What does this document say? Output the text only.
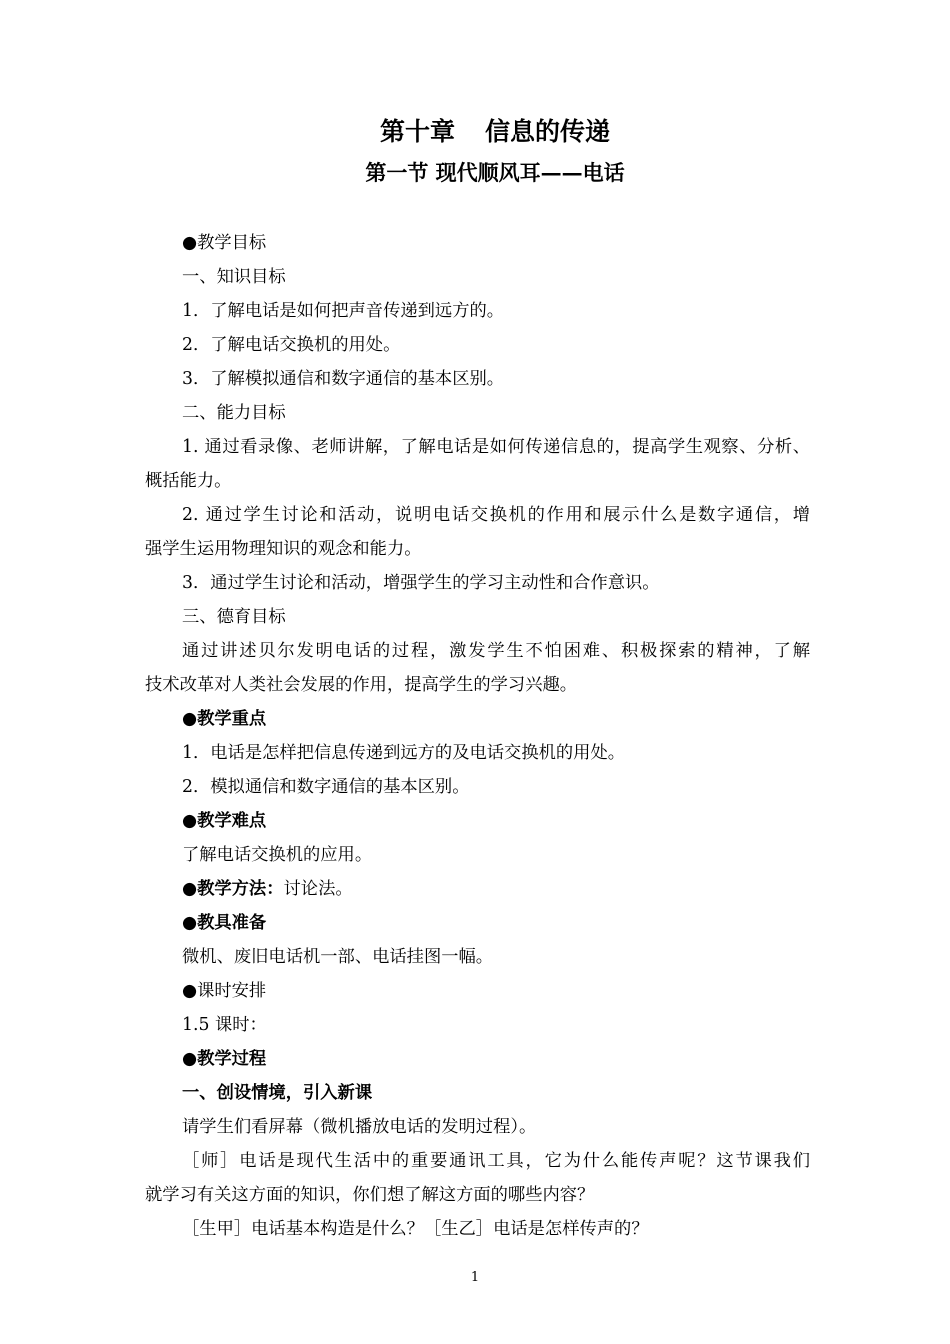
第十章 信息的传递
第一节 现代顺风耳——电话
●教学目标
一、知识目标
1．了解电话是如何把声音传递到远方的。
2．了解电话交换机的用处。
3．了解模拟通信和数字通信的基本区别。
二、能力目标
1. 通过看录像、老师讲解，了解电话是如何传递信息的，提高学生观察、分析、
概括能力。
2. 通过学生讨论和活动，说明电话交换机的作用和展示什么是数字通信，增
强学生运用物理知识的观念和能力。
3．通过学生讨论和活动，增强学生的学习主动性和合作意识。
三、德育目标
通过讲述贝尔发明电话的过程，激发学生不怕困难、积极探索的精神，了解
技术改革对人类社会发展的作用，提高学生的学习兴趣。
●教学重点
1．电话是怎样把信息传递到远方的及电话交换机的用处。
2．模拟通信和数字通信的基本区别。
●教学难点
了解电话交换机的应用。
●教学方法：讨论法。
●教具准备
微机、废旧电话机一部、电话挂图一幅。
●课时安排
1.5 课时：
●教学过程
一、创设情境，引入新课
请学生们看屏幕（微机播放电话的发明过程）。
［师］电话是现代生活中的重要通讯工具，它为什么能传声呢？这节课我们
就学习有关这方面的知识，你们想了解这方面的哪些内容？
［生甲］电话基本构造是什么？［生乙］电话是怎样传声的？
1
